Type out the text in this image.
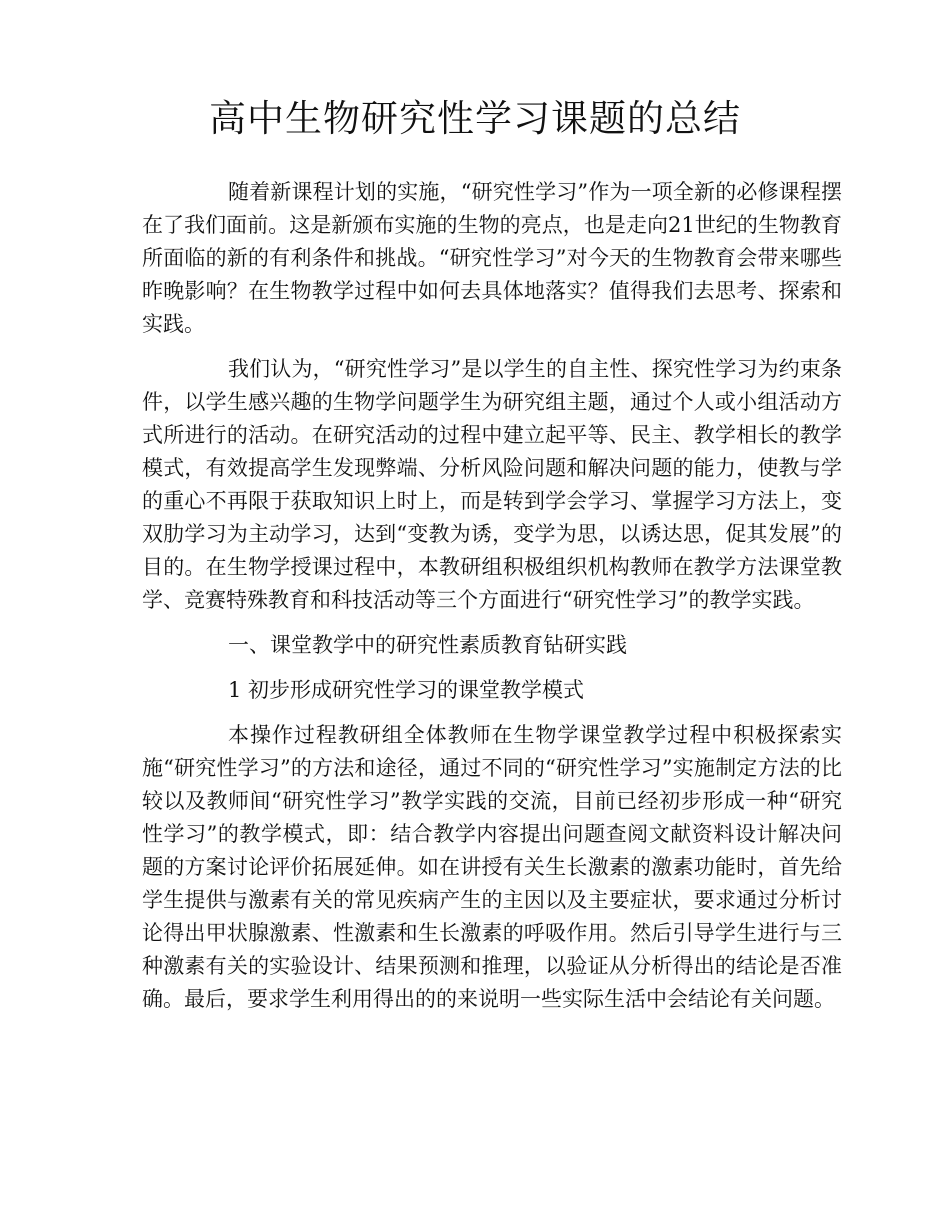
高中生物研究性学习课题的总结

随着新课程计划的实施，“研究性学习”作为一项全新的必修课程摆在了我们面前。这是新颁布实施的生物的亮点，也是走向21世纪的生物教育所面临的新的有利条件和挑战。“研究性学习”对今天的生物教育会带来哪些昨晚影响？在生物教学过程中如何去具体地落实？值得我们去思考、探索和实践。

我们认为，“研究性学习”是以学生的自主性、探究性学习为约束条件，以学生感兴趣的生物学问题学生为研究组主题，通过个人或小组活动方式所进行的活动。在研究活动的过程中建立起平等、民主、教学相长的教学模式，有效提高学生发现弊端、分析风险问题和解决问题的能力，使教与学的重心不再限于获取知识上时上，而是转到学会学习、掌握学习方法上，变双肋学习为主动学习，达到“变教为诱，变学为思，以诱达思，促其发展”的目的。在生物学授课过程中，本教研组积极组织机构教师在教学方法课堂教学、竞赛特殊教育和科技活动等三个方面进行“研究性学习”的教学实践。

一、课堂教学中的研究性素质教育钻研实践

1 初步形成研究性学习的课堂教学模式

本操作过程教研组全体教师在生物学课堂教学过程中积极探索实施“研究性学习”的方法和途径，通过不同的“研究性学习”实施制定方法的比较以及教师间“研究性学习”教学实践的交流，目前已经初步形成一种“研究性学习”的教学模式，即：结合教学内容提出问题查阅文献资料设计解决问题的方案讨论评价拓展延伸。如在讲授有关生长激素的激素功能时，首先给学生提供与激素有关的常见疾病产生的主因以及主要症状，要求通过分析讨论得出甲状腺激素、性激素和生长激素的呼吸作用。然后引导学生进行与三种激素有关的实验设计、结果预测和推理，以验证从分析得出的结论是否准确。最后，要求学生利用得出的的来说明一些实际生活中会结论有关问题。
